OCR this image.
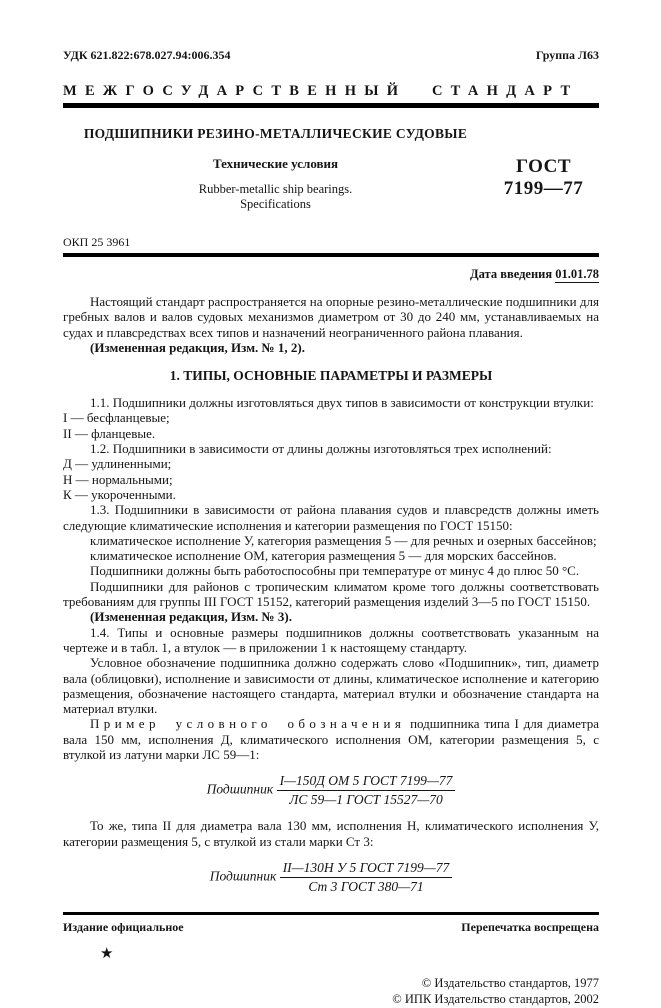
УДК 621.822:678.027.94:006.354	Группа Л63
МЕЖГОСУДАРСТВЕННЫЙ СТАНДАРТ
ПОДШИПНИКИ РЕЗИНО-МЕТАЛЛИЧЕСКИЕ СУДОВЫЕ
Технические условия
Rubber-metallic ship bearings.
Specifications
ГОСТ
7199—77
ОКП 25 3961
Дата введения 01.01.78

Настоящий стандарт распространяется на опорные резино-металлические подшипники для гребных валов и валов судовых механизмов диаметром от 30 до 240 мм, устанавливаемых на судах и плавсредствах всех типов и назначений неограниченного района плавания.

(Измененная редакция, Изм. № 1, 2).

1. ТИПЫ, ОСНОВНЫЕ ПАРАМЕТРЫ И РАЗМЕРЫ

1.1. Подшипники должны изготовляться двух типов в зависимости от конструкции втулки:

I — бесфланцевые;

II — фланцевые.

1.2. Подшипники в зависимости от длины должны изготовляться трех исполнений:

Д — удлиненными;

Н — нормальными;

К — укороченными.

1.3. Подшипники в зависимости от района плавания судов и плавсредств должны иметь следующие климатические исполнения и категории размещения по ГОСТ 15150:

климатическое исполнение У, категория размещения 5 — для речных и озерных бассейнов;

климатическое исполнение ОМ, категория размещения 5 — для морских бассейнов.

Подшипники должны быть работоспособны при температуре от минус 4 до плюс 50 °С.

Подшипники для районов с тропическим климатом кроме того должны соответствовать требованиям для группы III ГОСТ 15152, категорий размещения изделий 3—5 по ГОСТ 15150.

(Измененная редакция, Изм. № 3).

1.4. Типы и основные размеры подшипников должны соответствовать указанным на чертеже и в табл. 1, а втулок — в приложении 1 к настоящему стандарту.

Условное обозначение подшипника должно содержать слово «Подшипник», тип, диаметр вала (облицовки), исполнение и зависимости от длины, климатическое исполнение и категорию размещения, обозначение настоящего стандарта, материал втулки и обозначение стандарта на материал втулки.

Пример условного обозначения подшипника типа I для диаметра вала 150 мм, исполнения Д, климатического исполнения ОМ, категории размещения 5, с втулкой из латуни марки ЛС 59—1:

Подшипник $\frac{\text{I—150Д ОМ 5 ГОСТ 7199—77}}{\text{ЛС 59—1 ГОСТ 15527—70}}$

То же, типа II для диаметра вала 130 мм, исполнения Н, климатического исполнения У, категории размещения 5, с втулкой из стали марки Ст 3:

Подшипник $\frac{\text{II—130Н У 5 ГОСТ 7199—77}}{\text{Ст 3 ГОСТ 380—71}}$
Издание официальное	Перепечатка воспрещена
★
© Издательство стандартов, 1977
© ИПК Издательство стандартов, 2002
